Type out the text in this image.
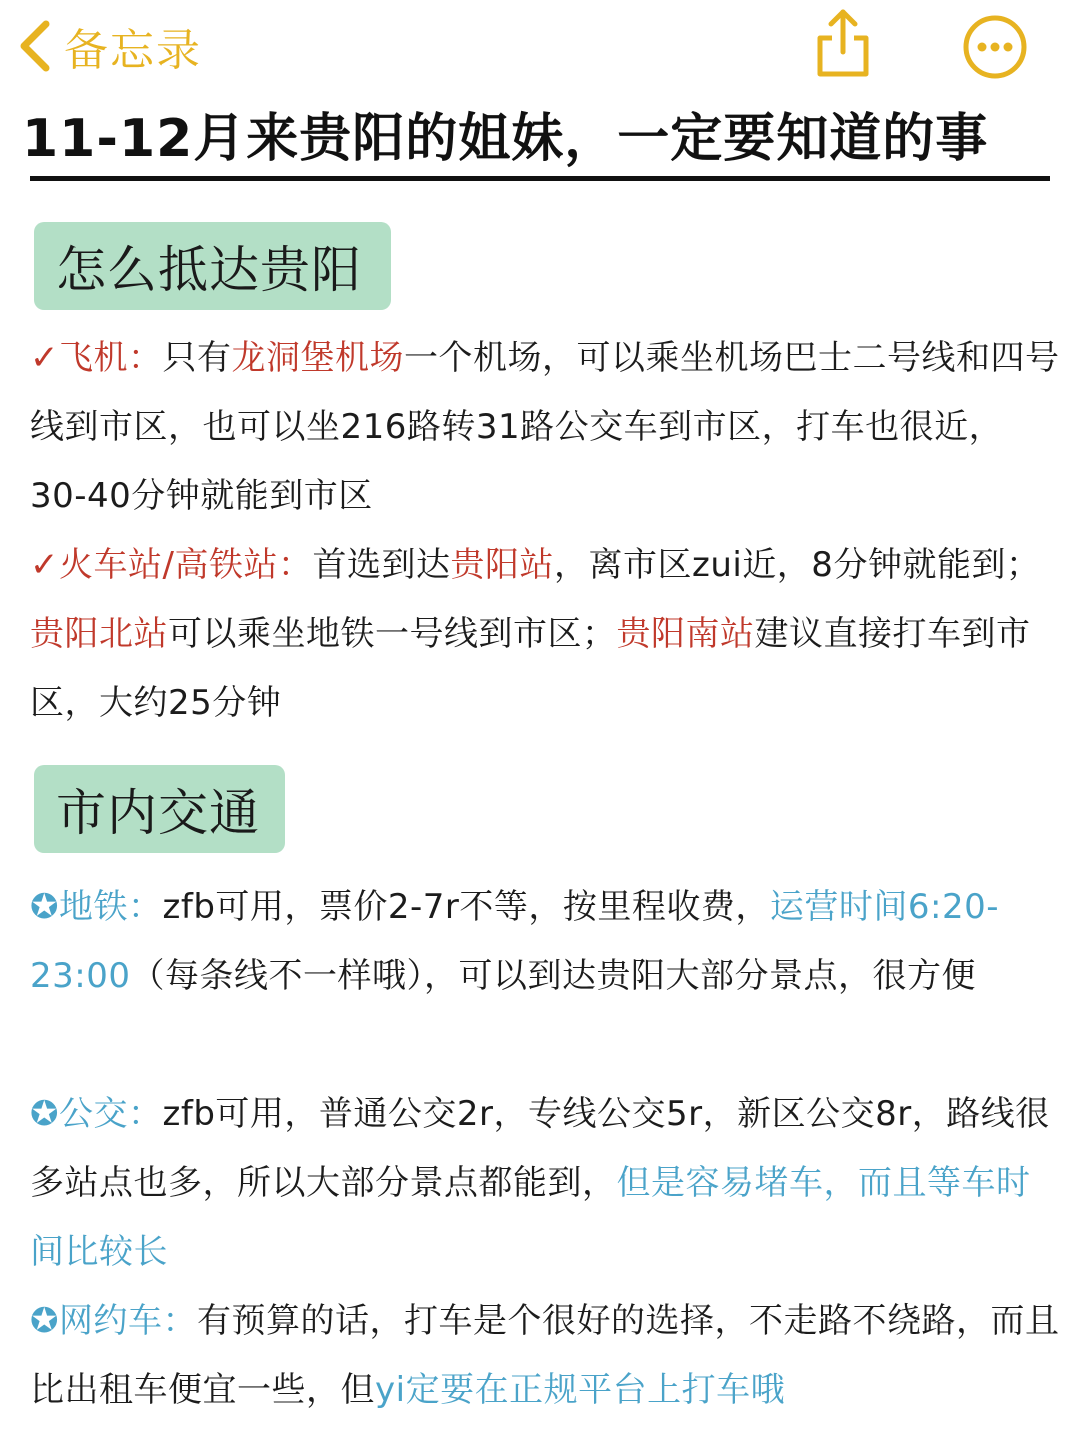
备忘录
11-12月来贵阳的姐妹，一定要知道的事
怎么抵达贵阳
✓飞机：只有龙洞堡机场一个机场，可以乘坐机场巴士二号线和四号线到市区，也可以坐216路转31路公交车到市区，打车也很近，30-40分钟就能到市区
✓火车站/高铁站：首选到达贵阳站，离市区zui近，8分钟就能到；贵阳北站可以乘坐地铁一号线到市区；贵阳南站建议直接打车到市区，大约25分钟
市内交通
✪地铁：zfb可用，票价2-7r不等，按里程收费，运营时间6:20-23:00（每条线不一样哦），可以到达贵阳大部分景点，很方便
✪公交：zfb可用，普通公交2r，专线公交5r，新区公交8r，路线很多站点也多，所以大部分景点都能到，但是容易堵车，而且等车时间比较长
✪网约车：有预算的话，打车是个很好的选择，不走路不绕路，而且比出租车便宜一些，但yi定要在正规平台上打车哦
